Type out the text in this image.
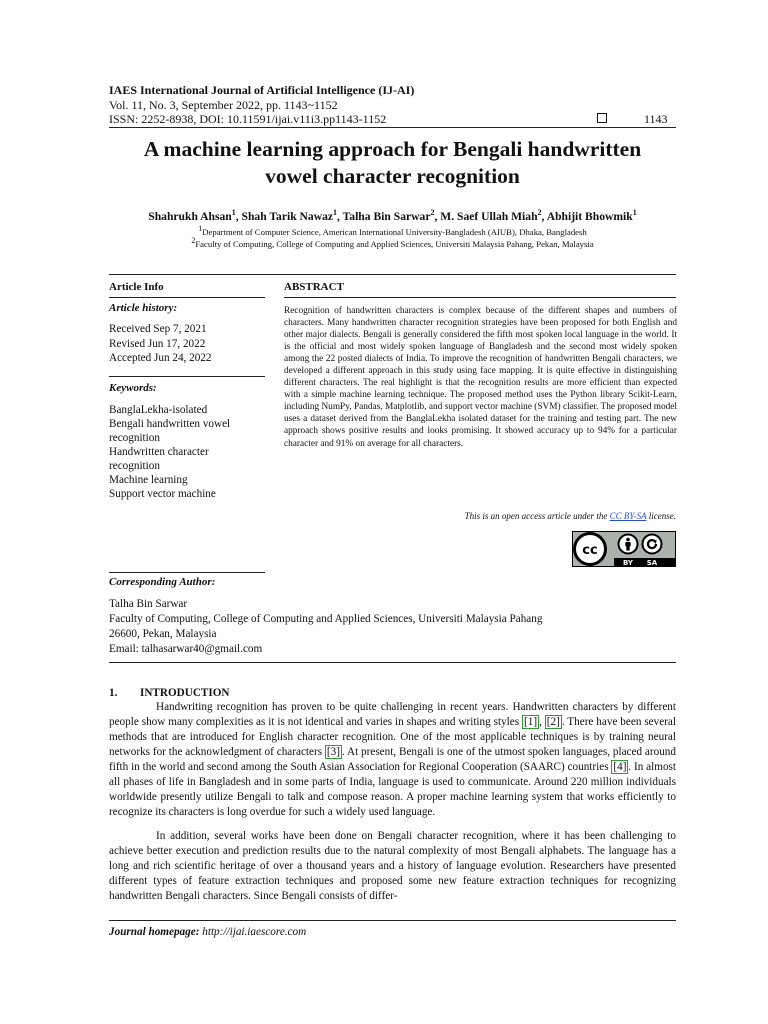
IAES International Journal of Artificial Intelligence (IJ-AI)
Vol. 11, No. 3, September 2022, pp. 1143~1152
ISSN: 2252-8938, DOI: 10.11591/ijai.v11i3.pp1143-1152	1143
A machine learning approach for Bengali handwritten
vowel character recognition
Shahrukh Ahsan$^1$, Shah Tarik Nawaz$^1$, Talha Bin Sarwar$^2$, M. Saef Ullah Miah$^2$, Abhijit Bhowmik$^1$
$^1$Department of Computer Science, American International University-Bangladesh (AIUB), Dhaka, Bangladesh
$^2$Faculty of Computing, College of Computing and Applied Sciences, Universiti Malaysia Pahang, Pekan, Malaysia
Article Info	ABSTRACT
Article history:
Received Sep 7, 2021
Revised Jun 17, 2022
Accepted Jun 24, 2022
Keywords:
BanglaLekha-isolated
Bengali handwritten vowel
recognition
Handwritten character
recognition
Machine learning
Support vector machine
Recognition of handwritten characters is complex because of the different shapes and numbers of characters. Many handwritten character recognition strategies have been proposed for both English and other major dialects. Bengali is generally considered the fifth most spoken local language in the world. It is the official and most widely spoken language of Bangladesh and the second most widely spoken among the 22 posted dialects of India. To improve the recognition of handwritten Bengali characters, we developed a different approach in this study using face mapping. It is quite effective in distinguishing different characters. The real highlight is that the recognition results are more efficient than expected with a simple machine learning technique. The proposed method uses the Python library Scikit-Learn, including NumPy, Pandas, Matplotlib, and support vector machine (SVM) classifier. The proposed model uses a dataset derived from the BanglaLekha isolated dataset for the training and testing part. The new approach shows positive results and looks promising. It showed accuracy up to 94% for a particular character and 91% on average for all characters.
This is an open access article under the CC BY-SA license.
cc
BY SA
Corresponding Author:
Talha Bin Sarwar
Faculty of Computing, College of Computing and Applied Sciences, Universiti Malaysia Pahang
26600, Pekan, Malaysia
Email: talhasarwar40@gmail.com
1. INTRODUCTION
Handwriting recognition has proven to be quite challenging in recent years. Handwritten characters by different people show many complexities as it is not identical and varies in shapes and writing styles [1] , [2] . There have been several methods that are introduced for English character recognition. One of the most applicable techniques is by training neural networks for the acknowledgment of characters [3] . At present, Bengali is one of the utmost spoken languages, placed around fifth in the world and second among the South Asian Association for Regional Cooperation (SAARC) countries [4] . In almost all phases of life in Bangladesh and in some parts of India, language is used to communicate. Around 220 million individuals worldwide presently utilize Bengali to talk and compose reason. A proper machine learning system that works efficiently to recognize its characters is long overdue for such a widely used language.
In addition, several works have been done on Bengali character recognition, where it has been challenging to achieve better execution and prediction results due to the natural complexity of most Bengali alphabets. The language has a long and rich scientific heritage of over a thousand years and a history of language evolution. Researchers have presented different types of feature extraction techniques and proposed some new feature extraction techniques for recognizing handwritten Bengali characters. Since Bengali consists of differ-
Journal homepage: http://ijai.iaescore.com
